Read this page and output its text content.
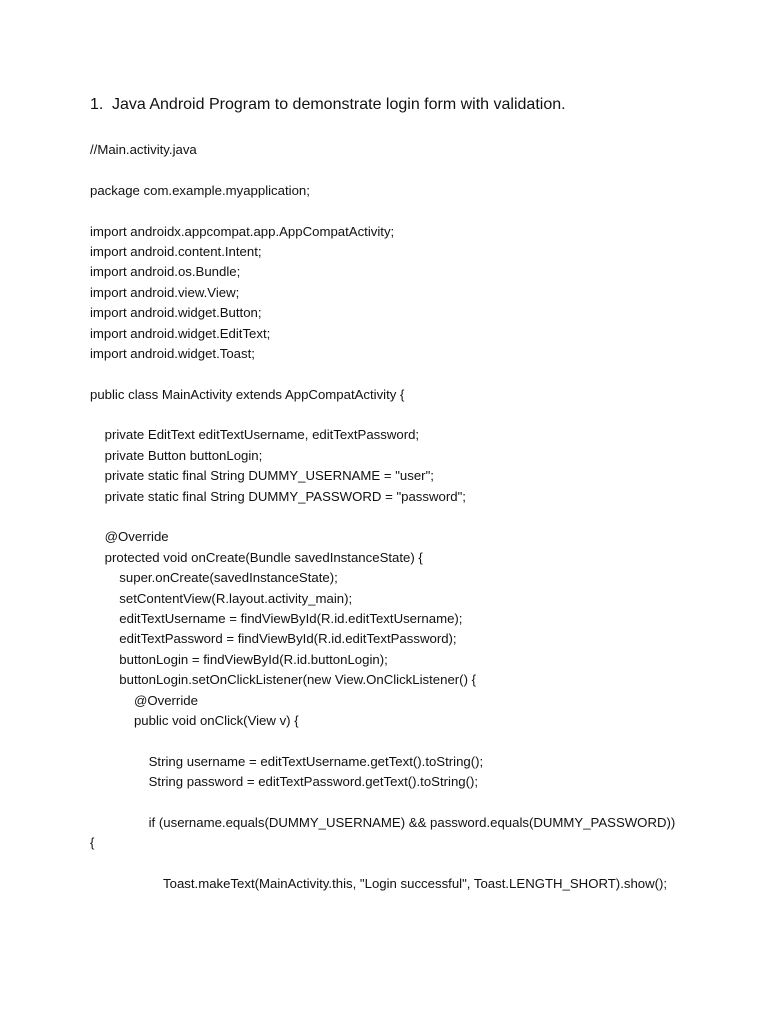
1. Java Android Program to demonstrate login form with validation.
//Main.activity.java
package com.example.myapplication;
import androidx.appcompat.app.AppCompatActivity;
import android.content.Intent;
import android.os.Bundle;
import android.view.View;
import android.widget.Button;
import android.widget.EditText;
import android.widget.Toast;
public class MainActivity extends AppCompatActivity {
private EditText editTextUsername, editTextPassword;
private Button buttonLogin;
private static final String DUMMY_USERNAME = "user";
private static final String DUMMY_PASSWORD = "password";
@Override
protected void onCreate(Bundle savedInstanceState) {
super.onCreate(savedInstanceState);
setContentView(R.layout.activity_main);
editTextUsername = findViewById(R.id.editTextUsername);
editTextPassword = findViewById(R.id.editTextPassword);
buttonLogin = findViewById(R.id.buttonLogin);
buttonLogin.setOnClickListener(new View.OnClickListener() {
@Override
public void onClick(View v) {
String username = editTextUsername.getText().toString();
String password = editTextPassword.getText().toString();
if (username.equals(DUMMY_USERNAME) && password.equals(DUMMY_PASSWORD))
{
Toast.makeText(MainActivity.this, "Login successful", Toast.LENGTH_SHORT).show();
